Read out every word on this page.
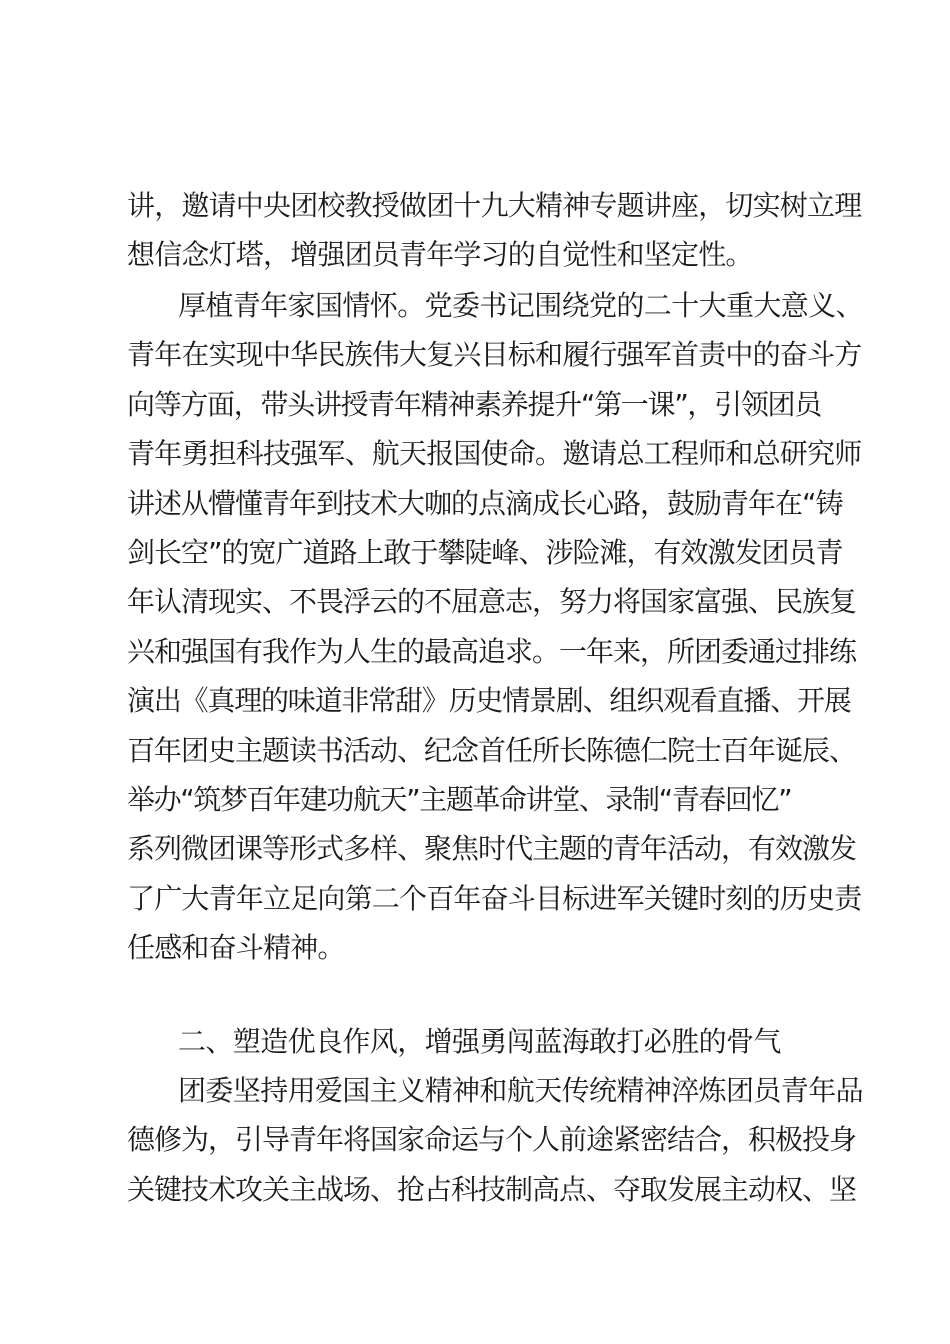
讲，邀请中央团校教授做团十九大精神专题讲座，切实树立理
想信念灯塔，增强团员青年学习的自觉性和坚定性。
厚植青年家国情怀。党委书记围绕党的二十大重大意义、
青年在实现中华民族伟大复兴目标和履行强军首责中的奋斗方
向等方面，带头讲授青年精神素养提升“第一课”，引领团员
青年勇担科技强军、航天报国使命。邀请总工程师和总研究师
讲述从懵懂青年到技术大咖的点滴成长心路，鼓励青年在“铸
剑长空”的宽广道路上敢于攀陡峰、涉险滩，有效激发团员青
年认清现实、不畏浮云的不屈意志，努力将国家富强、民族复
兴和强国有我作为人生的最高追求。一年来，所团委通过排练
演出《真理的味道非常甜》历史情景剧、组织观看直播、开展
百年团史主题读书活动、纪念首任所长陈德仁院士百年诞辰、
举办“筑梦百年建功航天”主题革命讲堂、录制“青春回忆”
系列微团课等形式多样、聚焦时代主题的青年活动，有效激发
了广大青年立足向第二个百年奋斗目标进军关键时刻的历史责
任感和奋斗精神。
二、塑造优良作风，增强勇闯蓝海敢打必胜的骨气
团委坚持用爱国主义精神和航天传统精神淬炼团员青年品
德修为，引导青年将国家命运与个人前途紧密结合，积极投身
关键技术攻关主战场、抢占科技制高点、夺取发展主动权、坚
